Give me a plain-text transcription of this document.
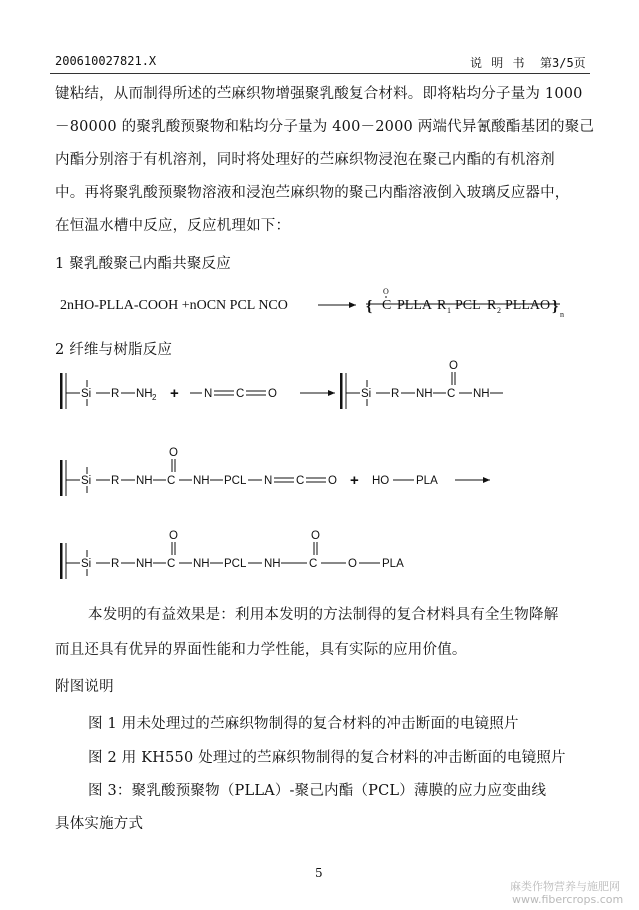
200610027821.X	说 明 书 第3/5页
键粘结，从而制得所述的苎麻织物增强聚乳酸复合材料。即将粘均分子量为 1000
－80000 的聚乳酸预聚物和粘均分子量为 400－2000 两端代异氰酸酯基团的聚己
内酯分别溶于有机溶剂，同时将处理好的苎麻织物浸泡在聚己内酯的有机溶剂
中。再将聚乳酸预聚物溶液和浸泡苎麻织物的聚己内酯溶液倒入玻璃反应器中，
在恒温水槽中反应，反应机理如下：
1 聚乳酸聚己内酯共聚反应
2nHO-PLLA-COOH +nOCN PCL NCO	{ C
O
PLLA R 1 PCL R 2 PLLA O } n
2 纤维与树脂反应
Si R NH 2 + N C O	Si R NH C
O
NH
Si R NH C
O
NH PCL N C O + HO PLA
Si R NH C
O
NH PCL NH C
O
O PLA
本发明的有益效果是：利用本发明的方法制得的复合材料具有全生物降解
而且还具有优异的界面性能和力学性能，具有实际的应用价值。
附图说明
图 1 用未处理过的苎麻织物制得的复合材料的冲击断面的电镜照片
图 2 用 KH550 处理过的苎麻织物制得的复合材料的冲击断面的电镜照片
图 3：聚乳酸预聚物（PLLA）-聚己内酯（PCL）薄膜的应力应变曲线
具体实施方式
5
麻类作物营养与施肥网
www.fibercrops.com
